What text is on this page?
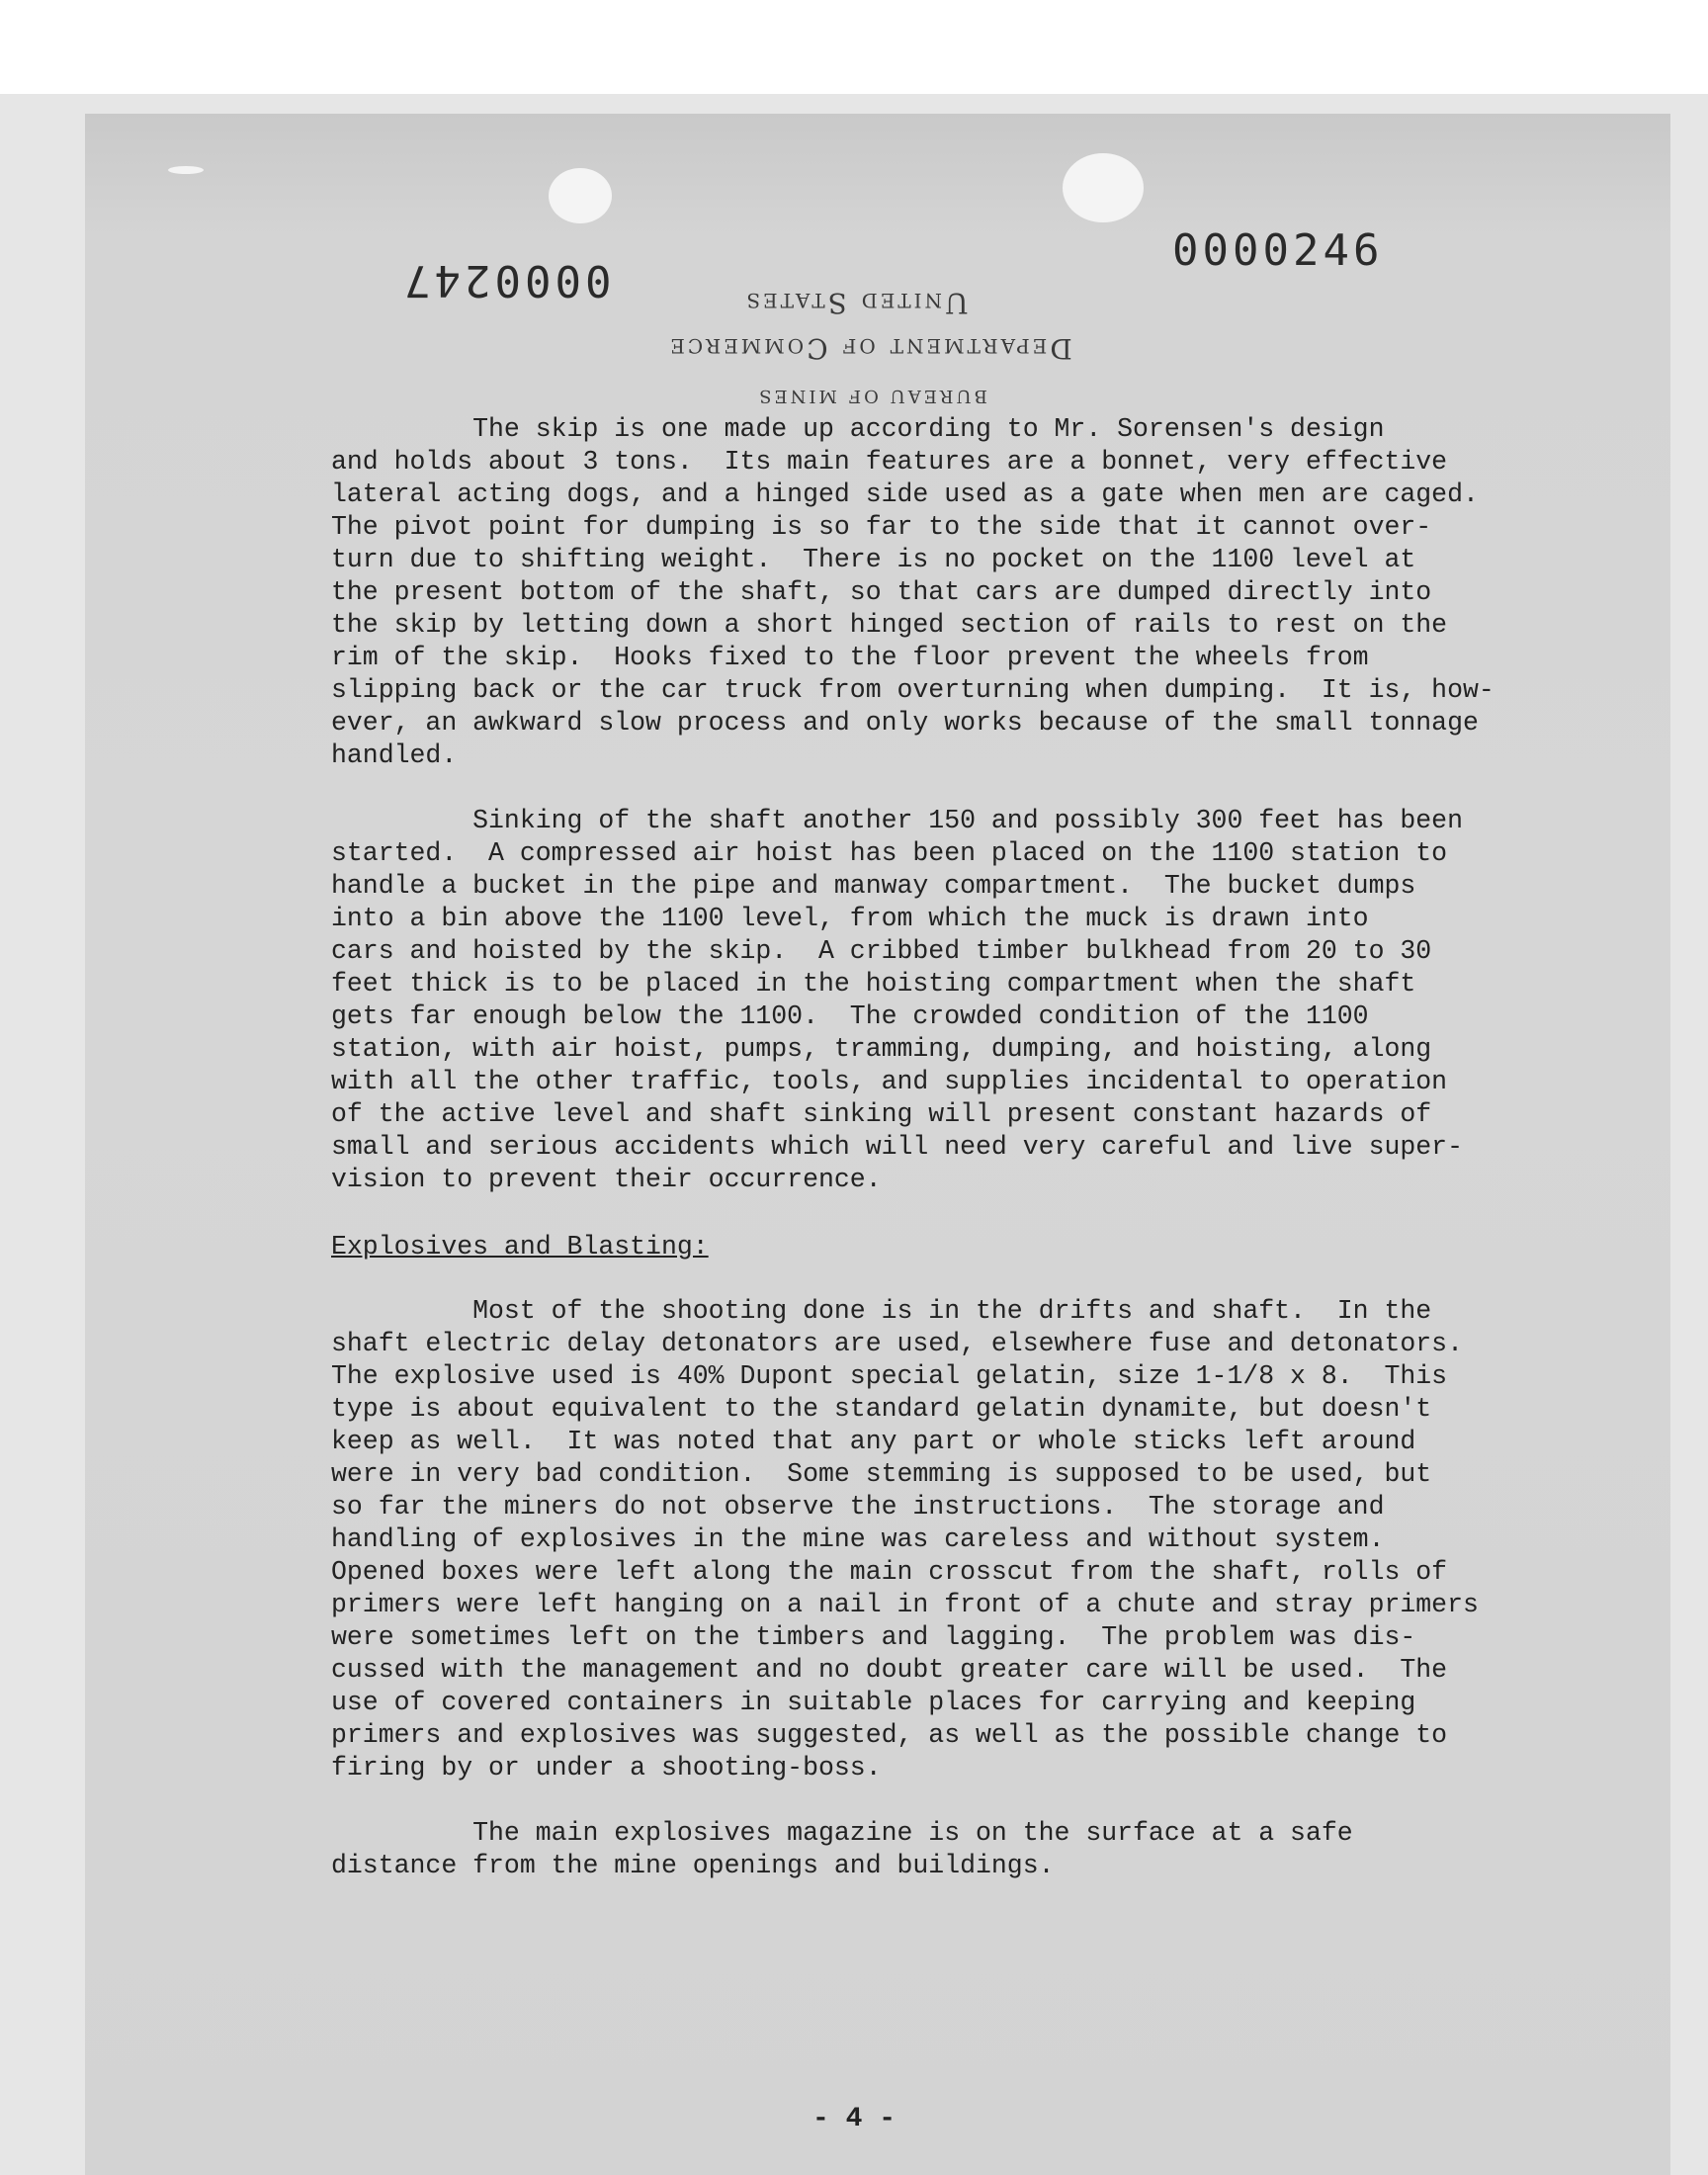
0000247
0000246
United States
Department of Commerce
BUREAU OF MINES
The skip is one made up according to Mr. Sorensen's design
and holds about 3 tons.  Its main features are a bonnet, very effective
lateral acting dogs, and a hinged side used as a gate when men are caged.
The pivot point for dumping is so far to the side that it cannot over-
turn due to shifting weight.  There is no pocket on the 1100 level at
the present bottom of the shaft, so that cars are dumped directly into
the skip by letting down a short hinged section of rails to rest on the
rim of the skip.  Hooks fixed to the floor prevent the wheels from
slipping back or the car truck from overturning when dumping.  It is, how-
ever, an awkward slow process and only works because of the small tonnage
handled.
Sinking of the shaft another 150 and possibly 300 feet has been
started.  A compressed air hoist has been placed on the 1100 station to
handle a bucket in the pipe and manway compartment.  The bucket dumps
into a bin above the 1100 level, from which the muck is drawn into
cars and hoisted by the skip.  A cribbed timber bulkhead from 20 to 30
feet thick is to be placed in the hoisting compartment when the shaft
gets far enough below the 1100.  The crowded condition of the 1100
station, with air hoist, pumps, tramming, dumping, and hoisting, along
with all the other traffic, tools, and supplies incidental to operation
of the active level and shaft sinking will present constant hazards of
small and serious accidents which will need very careful and live super-
vision to prevent their occurrence.
Explosives and Blasting:
Most of the shooting done is in the drifts and shaft.  In the
shaft electric delay detonators are used, elsewhere fuse and detonators.
The explosive used is 40% Dupont special gelatin, size 1-1/8 x 8.  This
type is about equivalent to the standard gelatin dynamite, but doesn't
keep as well.  It was noted that any part or whole sticks left around
were in very bad condition.  Some stemming is supposed to be used, but
so far the miners do not observe the instructions.  The storage and
handling of explosives in the mine was careless and without system.
Opened boxes were left along the main crosscut from the shaft, rolls of
primers were left hanging on a nail in front of a chute and stray primers
were sometimes left on the timbers and lagging.  The problem was dis-
cussed with the management and no doubt greater care will be used.  The
use of covered containers in suitable places for carrying and keeping
primers and explosives was suggested, as well as the possible change to
firing by or under a shooting-boss.
The main explosives magazine is on the surface at a safe
distance from the mine openings and buildings.
- 4 -
